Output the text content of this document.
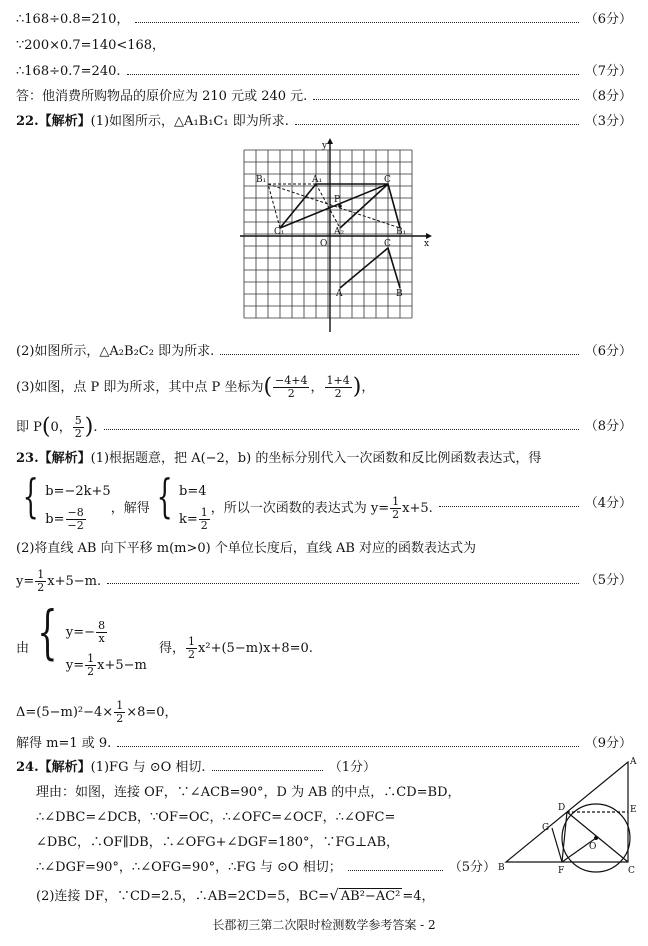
∴168÷0.8=210，	（6分）
∵200×0.7=140<168，
∴168÷0.7=240.	（7分）
答：他消费所购物品的原价应为 210 元或 240 元.	（8分）
22.【解析】(1)如图所示，△A₁B₁C₁ 即为所求.	（3分）
y
x
O
B₁	A₁
P
C
C₁	A₂	B₁
C
A	B
(2)如图所示，△A₂B₂C₂ 即为所求.	（6分）
(3)如图，点 P 即为所求，其中点 P 坐标为( $\frac{-4+4}{2}$ ， $\frac{1+4}{2}$ )，
即 P(0， $\frac{5}{2}$ ).	（8分）
23.【解析】(1)根据题意，把 A(−2，b) 的坐标分别代入一次函数和反比例函数表达式，得
{ b=−2k+5
$b= \frac{-8}{-2}$ ，解得 { b=4
$k= \frac{1}{2}$ ，所以一次函数的表达式为 $y= \frac{1}{2} x+5$.	（4分）
(2)将直线 AB 向下平移 m(m>0) 个单位长度后，直线 AB 对应的函数表达式为
$y= \frac{1}{2} x+5-m$.	（5分）
由 { $y=- \frac{8}{x}$
$y= \frac{1}{2} x+5-m$
得， $\frac{1}{2} x^2+(5-m)x+8=0$.
$\Delta=(5-m)^2-4\times \frac{1}{2} \times 8=0$，
解得 m=1 或 9.	（9分）
24.【解析】(1)FG 与 ⊙O 相切.	（1分）
理由：如图，连接 OF，∵∠ACB=90°，D 为 AB 的中点，∴CD=BD，
∴∠DBC=∠DCB，∵OF=OC，∴∠OFC=∠OCF，∴∠OFC=
∠DBC，∴OF∥DB，∴∠OFG+∠DGF=180°，∵FG⊥AB，
∴∠DGF=90°，∴∠OFG=90°，∴FG 与 ⊙O 相切；	（5分）
(2)连接 DF，∵CD=2.5，∴AB=2CD=5，BC=√ AB²−AC² =4，
A
B	C
D	E
F
G
O
长郡初三第二次限时检测数学参考答案 - 2
